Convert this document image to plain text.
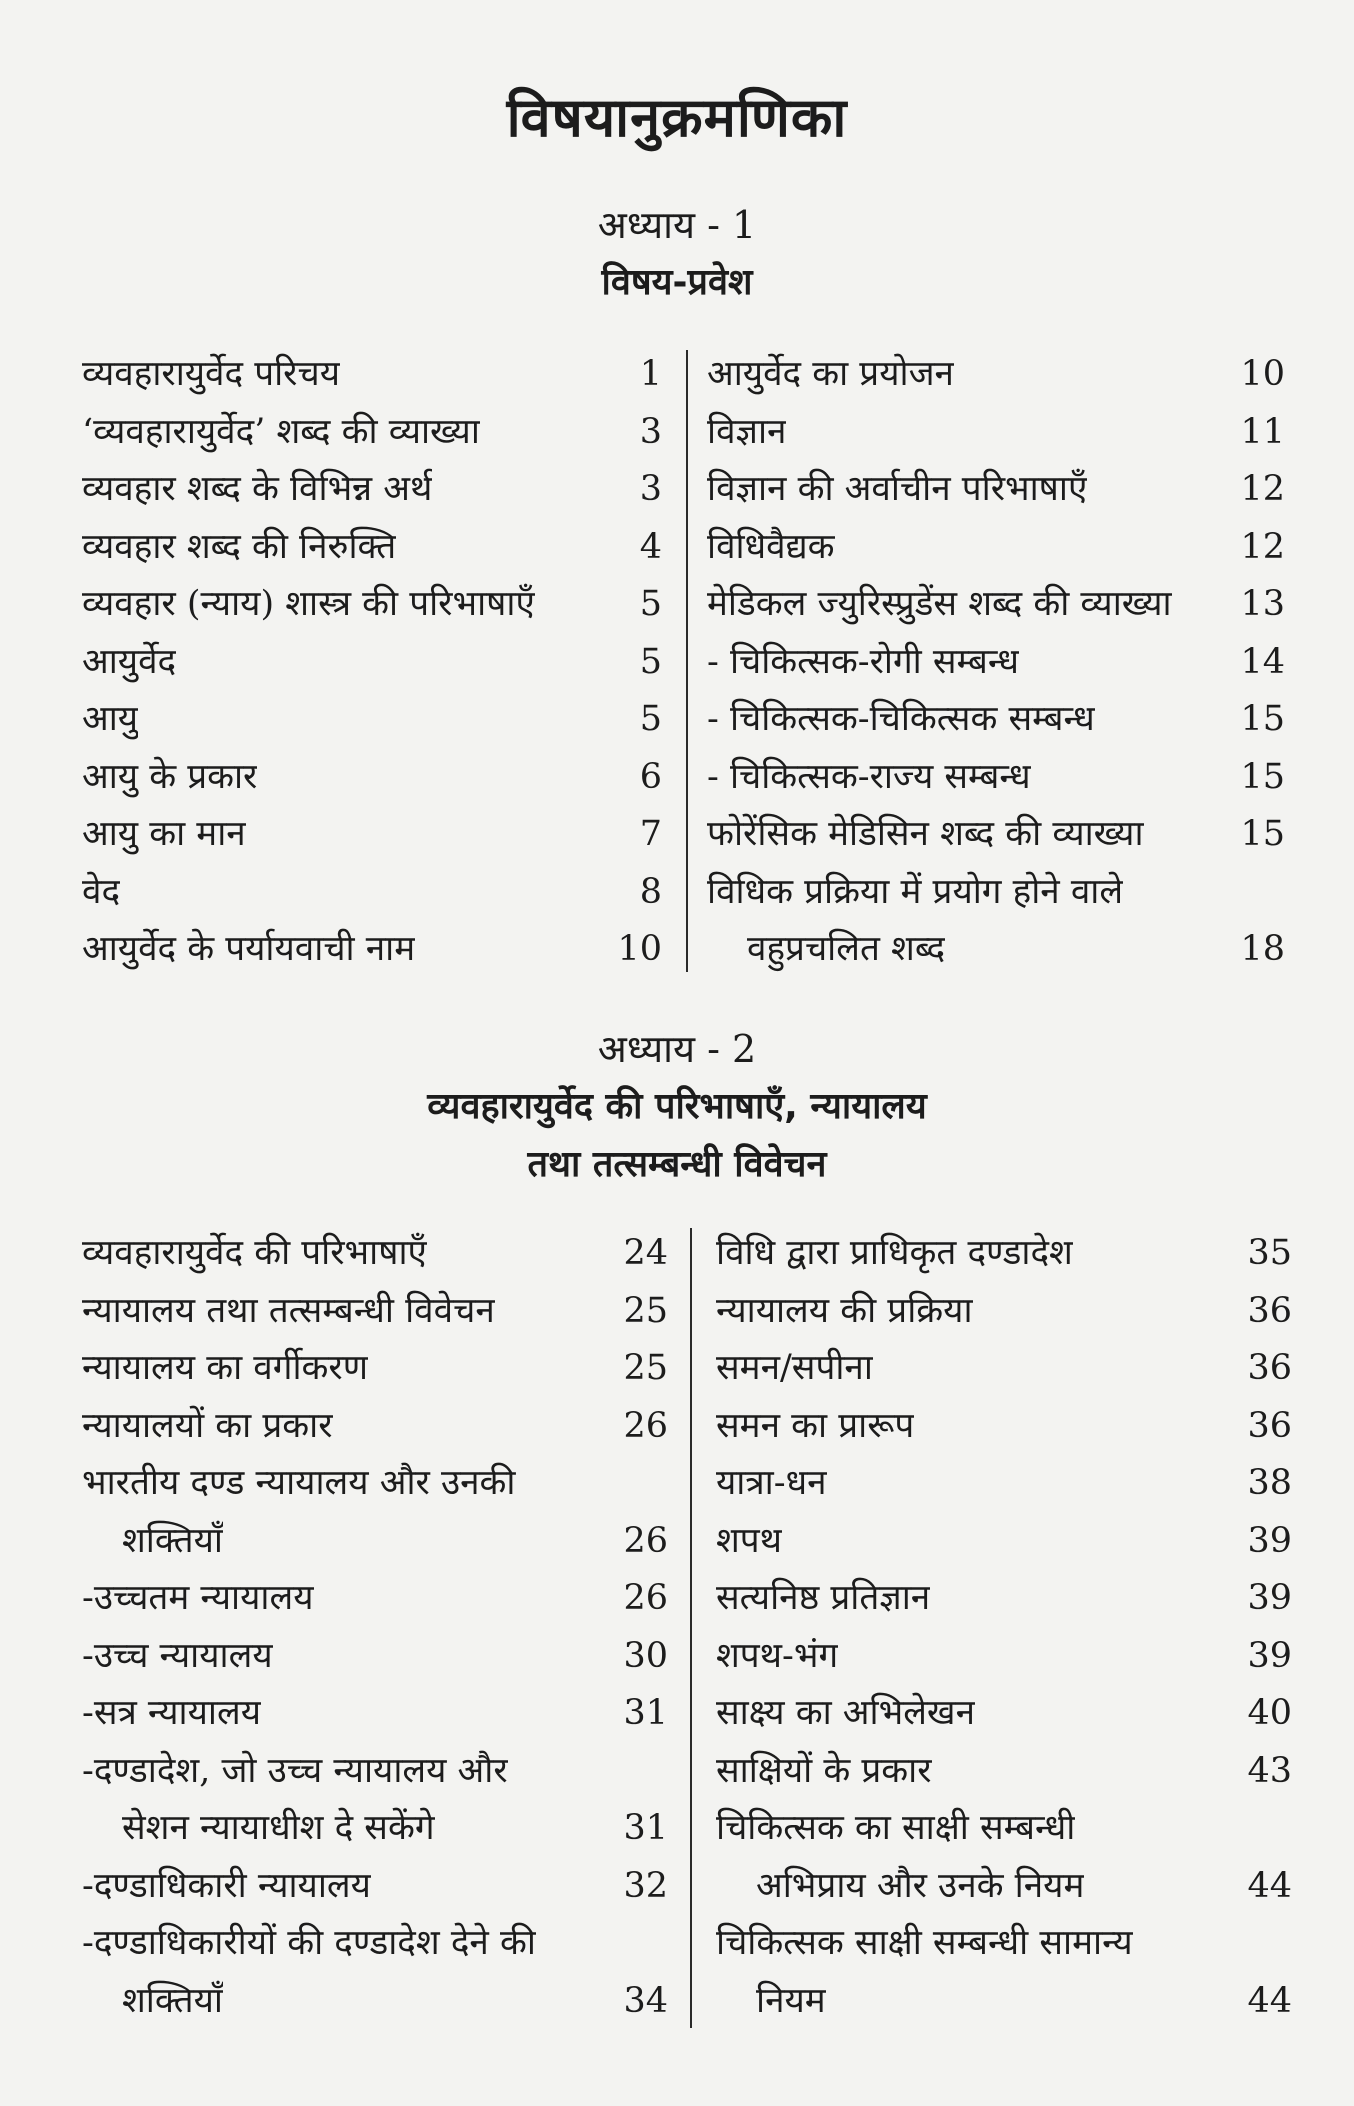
विषयानुक्रमणिका
अध्याय - 1
विषय-प्रवेश
व्यवहारायुर्वेद परिचय	1
‘व्यवहारायुर्वेद’ शब्द की व्याख्या	3
व्यवहार शब्द के विभिन्न अर्थ	3
व्यवहार शब्द की निरुक्ति	4
व्यवहार (न्याय) शास्त्र की परिभाषाएँ	5
आयुर्वेद	5
आयु	5
आयु के प्रकार	6
आयु का मान	7
वेद	8
आयुर्वेद के पर्यायवाची नाम	10
आयुर्वेद का प्रयोजन	10
विज्ञान	11
विज्ञान की अर्वाचीन परिभाषाएँ	12
विधिवैद्यक	12
मेडिकल ज्युरिस्प्रुडेंस शब्द की व्याख्या	13
- चिकित्सक-रोगी सम्बन्ध	14
- चिकित्सक-चिकित्सक सम्बन्ध	15
- चिकित्सक-राज्य सम्बन्ध	15
फोरेंसिक मेडिसिन शब्द की व्याख्या	15
विधिक प्रक्रिया में प्रयोग होने वाले
वहुप्रचलित शब्द	18
अध्याय - 2
व्यवहारायुर्वेद की परिभाषाएँ, न्यायालय
तथा तत्सम्बन्धी विवेचन
व्यवहारायुर्वेद की परिभाषाएँ	24
न्यायालय तथा तत्सम्बन्धी विवेचन	25
न्यायालय का वर्गीकरण	25
न्यायालयों का प्रकार	26
भारतीय दण्ड न्यायालय और उनकी
शक्तियाँ	26
-उच्चतम न्यायालय	26
-उच्च न्यायालय	30
-सत्र न्यायालय	31
-दण्डादेश, जो उच्च न्यायालय और
सेशन न्यायाधीश दे सकेंगे	31
-दण्डाधिकारी न्यायालय	32
-दण्डाधिकारीयों की दण्डादेश देने की
शक्तियाँ	34
विधि द्वारा प्राधिकृत दण्डादेश	35
न्यायालय की प्रक्रिया	36
समन/सपीना	36
समन का प्रारूप	36
यात्रा-धन	38
शपथ	39
सत्यनिष्ठ प्रतिज्ञान	39
शपथ-भंग	39
साक्ष्य का अभिलेखन	40
साक्षियों के प्रकार	43
चिकित्सक का साक्षी सम्बन्धी
अभिप्राय और उनके नियम	44
चिकित्सक साक्षी सम्बन्धी सामान्य
नियम	44
